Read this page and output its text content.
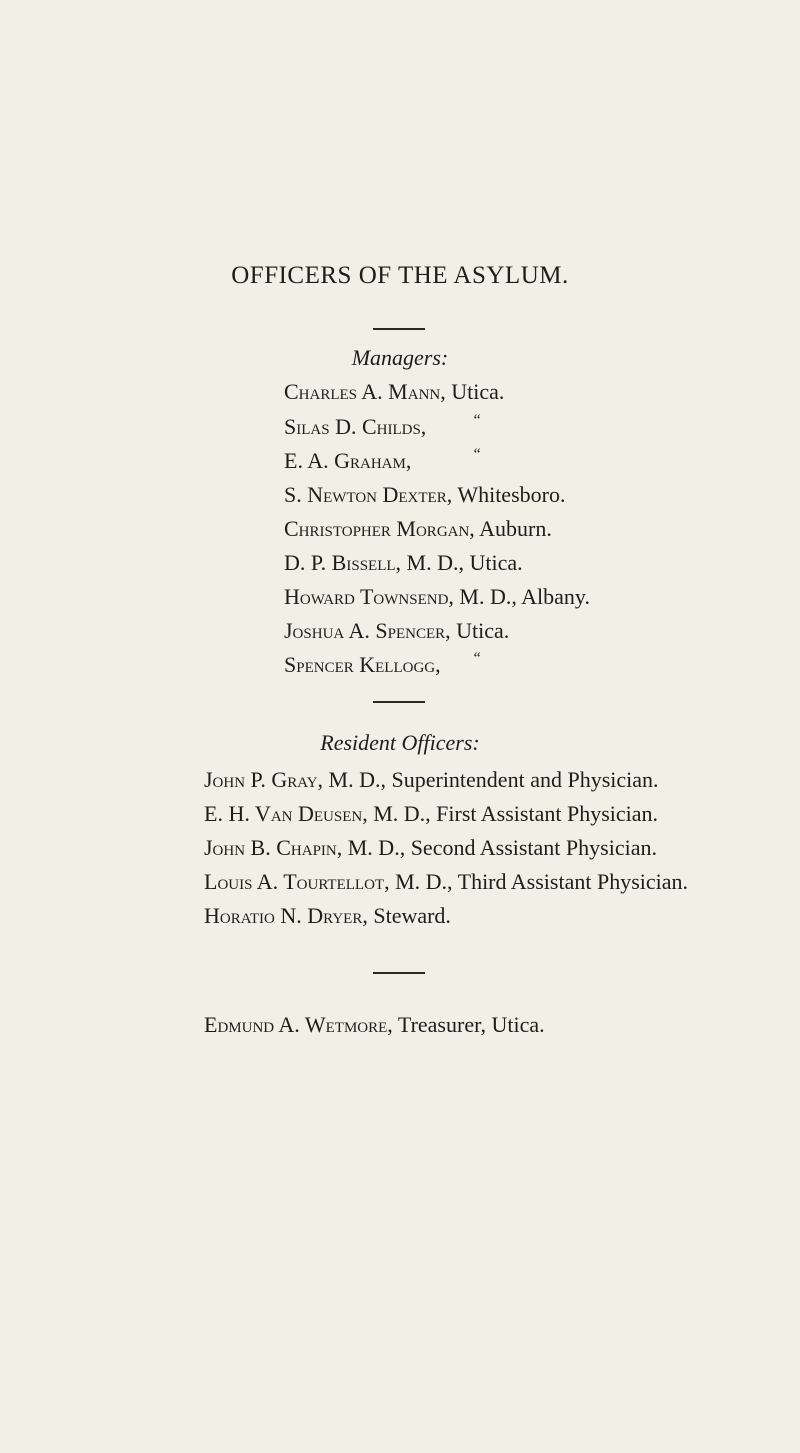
OFFICERS OF THE ASYLUM.
Managers:
Charles A. Mann, Utica.
Silas D. Childs,	“
E. A. Graham,	“
S. Newton Dexter, Whitesboro.
Christopher Morgan, Auburn.
D. P. Bissell, M. D., Utica.
Howard Townsend, M. D., Albany.
Joshua A. Spencer, Utica.
Spencer Kellogg, “
Resident Officers:
John P. Gray, M. D., Superintendent and Physician.
E. H. Van Deusen, M. D., First Assistant Physician.
John B. Chapin, M. D., Second Assistant Physician.
Louis A. Tourtellot, M. D., Third Assistant Physician.
Horatio N. Dryer, Steward.
Edmund A. Wetmore, Treasurer, Utica.
